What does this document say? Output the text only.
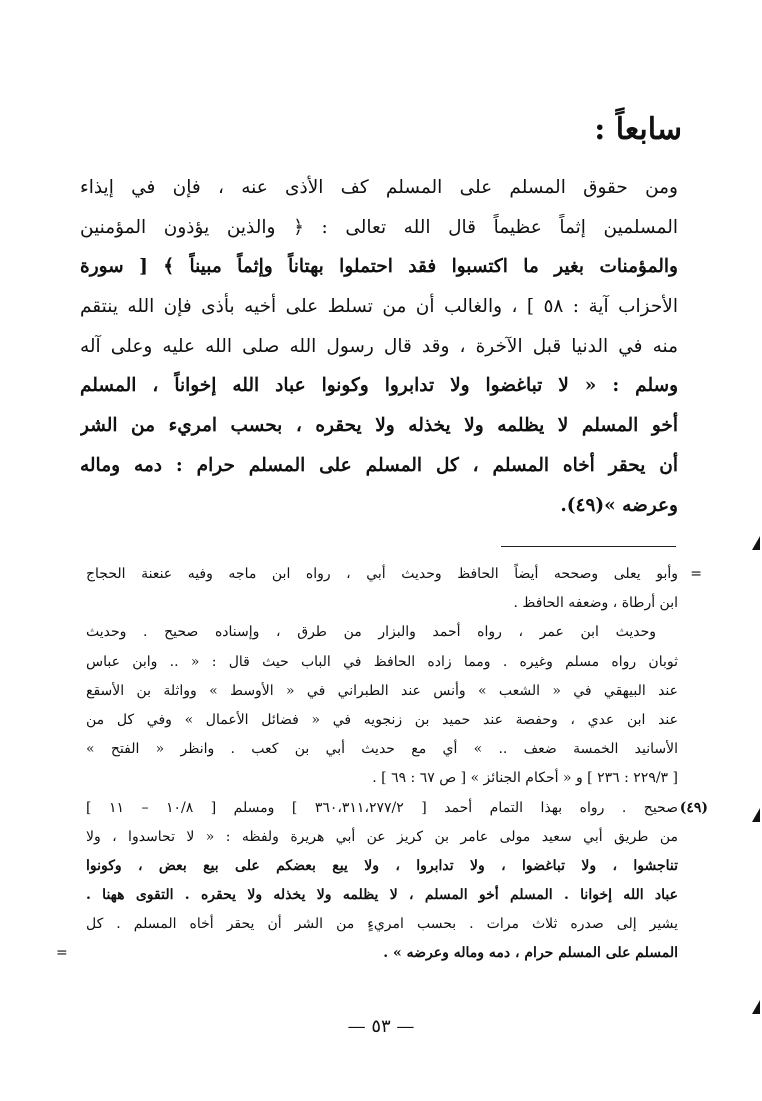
سابعاً :
ومن حقوق المسلم على المسلم كف الأذى عنه ، فإن في إيذاء
المسلمين إثماً عظيماً قال الله تعالى : ﴿ والذين يؤذون المؤمنين
والمؤمنات بغير ما اكتسبوا فقد احتملوا بهتاناً وإثماً مبيناً ﴾ [ سورة
الأحزاب آية : ٥٨ ] ، والغالب أن من تسلط على أخيه بأذى فإن الله ينتقم
منه في الدنيا قبل الآخرة ، وقد قال رسول الله صلى الله عليه وعلى آله
وسلم : « لا تباغضوا ولا تدابروا وكونوا عباد الله إخواناً ، المسلم
أخو المسلم لا يظلمه ولا يخذله ولا يحقره ، بحسب امريء من الشر
أن يحقر أخاه المسلم ، كل المسلم على المسلم حرام : دمه وماله
وعرضه »(٤٩).
=
وأبو يعلى وصححه أيضاً الحافظ وحديث أبي ، رواه ابن ماجه وفيه عنعنة الحجاج
ابن أرطاة ، وضعفه الحافظ .
وحديث ابن عمر ، رواه أحمد والبزار من طرق ، وإسناده صحيح . وحديث
ثوبان رواه مسلم وغيره . ومما زاده الحافظ في الباب حيث قال : « .. وابن عباس
عند البيهقي في « الشعب » وأنس عند الطبراني في « الأوسط » وواثلة بن الأسقع
عند ابن عدي ، وحفصة عند حميد بن زنجويه في « فضائل الأعمال » وفي كل من
الأسانيد الخمسة ضعف .. » أي مع حديث أبي بن كعب . وانظر « الفتح »
[ ٢٢٩/٣ : ٢٣٦ ] و « أحكام الجنائز » [ ص ٦٧ : ٦٩ ] .
(٤٩)
صحيح . رواه بهذا التمام أحمد [ ٣٦٠،٣١١،٢٧٧/٢ ] ومسلم [ ١٠/٨ – ١١ ]
من طريق أبي سعيد مولى عامر بن كريز عن أبي هريرة ولفظه : « لا تحاسدوا ، ولا
تناجشوا ، ولا تباغضوا ، ولا تدابروا ، ولا يبع بعضكم على بيع بعض ، وكونوا
عباد الله إخوانا . المسلم أخو المسلم ، لا يظلمه ولا يخذله ولا يحقره . التقوى ههنا .
يشير إلى صدره ثلاث مرات . بحسب امريءٍ من الشر أن يحقر أخاه المسلم . كل
المسلم على المسلم حرام ، دمه وماله وعرضه » .
=
— ٥٣ —
